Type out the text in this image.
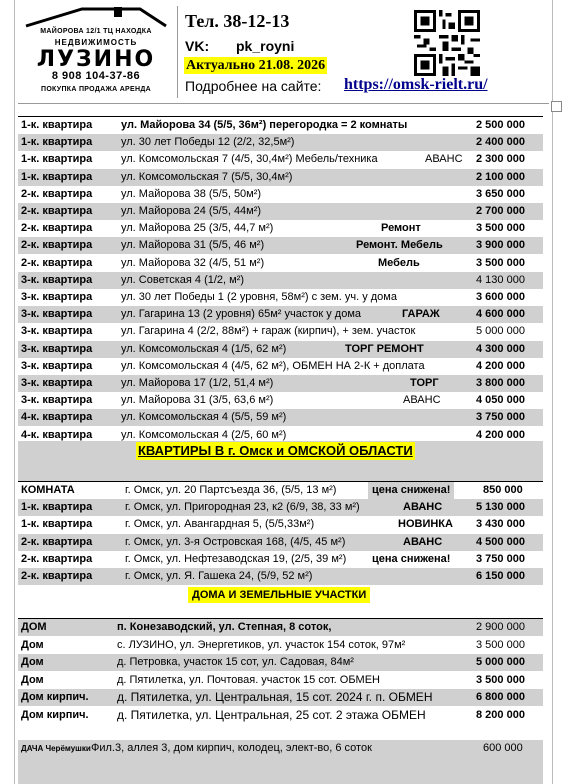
МАЙОРОВА 12/1 ТЦ НАХОДКА
НЕДВИЖИМОСТЬ
ЛУЗИНО
8 908 104-37-86
ПОКУПКА ПРОДАЖА АРЕНДА
Тел. 38-12-13
VK: pk_royni
Актуально 21.08. 2026
Подробнее на сайте: https://omsk-rielt.ru/
1-к. квартира	ул. Майорова 34 (5/5, 36м²) перегородка = 2 комнаты	2 500 000
1-к. квартира	ул. 30 лет Победы 12 (2/2, 32,5м²)	2 400 000
1-к. квартира	ул. Комсомольская 7 (4/5, 30,4м²) Мебель/техника	АВАНС 2 300 000
1-к. квартира	ул. Комсомольская 7 (5/5, 30,4м²)	2 100 000
2-к. квартира	ул. Майорова 38 (5/5, 50м²)	3 650 000
2-к. квартира	ул. Майорова 24 (5/5, 44м²)	2 700 000
2-к. квартира	ул. Майорова 25 (3/5, 44,7 м²)	Ремонт	3 500 000
2-к. квартира	ул. Майорова 31 (5/5, 46 м²)	Ремонт. Мебель	3 900 000
2-к. квартира	ул. Майорова 32 (4/5, 51 м²)	Мебель	3 500 000
3-к. квартира	ул. Советская 4 (1/2, м²)	4 130 000
3-к. квартира	ул. 30 лет Победы 1 (2 уровня, 58м²) с зем. уч. у дома	3 600 000
3-к. квартира	ул. Гагарина 13 (2 уровня) 65м² участок у дома	ГАРАЖ	4 600 000
3-к. квартира	ул. Гагарина 4 (2/2, 88м²) + гараж (кирпич), + зем. участок	5 000 000
3-к. квартира	ул. Комсомольская 4 (1/5, 62 м²)	ТОРГ РЕМОНТ	4 300 000
3-к. квартира	ул. Комсомольская 4 (4/5, 62 м²), ОБМЕН НА 2-К + доплата	4 200 000
3-к. квартира	ул. Майорова 17 (1/2, 51,4 м²)	ТОРГ	3 800 000
3-к. квартира	ул. Майорова 31 (3/5, 63,6 м²)	АВАНС	4 050 000
4-к. квартира	ул. Комсомольская 4 (5/5, 59 м²)	3 750 000
4-к. квартира	ул. Комсомольская 4 (2/5, 60 м²)	4 200 000
КВАРТИРЫ В г. Омск и ОМСКОЙ ОБЛАСТИ
КОМНАТА	г. Омск, ул. 20 Партсъезда 36, (5/5, 13 м²)	цена снижена!	850 000
1-к. квартира	г. Омск, ул. Пригородная 23, к2 (6/9, 38, 33 м²)	АВАНС	5 130 000
1-к. квартира	г. Омск, ул. Авангардная 5, (5/5,33м²)	НОВИНКА 3 430 000
2-к. квартира	г. Омск, ул. 3-я Островская 168, (4/5, 45 м²)	АВАНС	4 500 000
2-к. квартира	г. Омск, ул. Нефтезаводская 19, (2/5, 39 м²) цена снижена! 3 750 000
2-к. квартира	г. Омск, ул. Я. Гашека 24, (5/9, 52 м²)	6 150 000
ДОМА И ЗЕМЕЛЬНЫЕ УЧАСТКИ
ДОМ	п. Конезаводский, ул. Степная, 8 соток,	2 900 000
Дом	с. ЛУЗИНО, ул. Энергетиков, ул. участок 154 соток, 97м²	3 500 000
Дом	д. Петровка, участок 15 сот, ул. Садовая, 84м²	5 000 000
Дом	д. Пятилетка, ул. Почтовая. участок 15 сот. ОБМЕН	3 500 000
Дом кирпич. д. Пятилетка, ул. Центральная, 15 сот. 2024 г. п. ОБМЕН	6 800 000
Дом кирпич. д. Пятилетка, ул. Центральная, 25 сот. 2 этажа ОБМЕН	8 200 000
ДАЧА Черёмушки Фил.3, аллея 3, дом кирпич, колодец, элект-во, 6 соток	600 000
